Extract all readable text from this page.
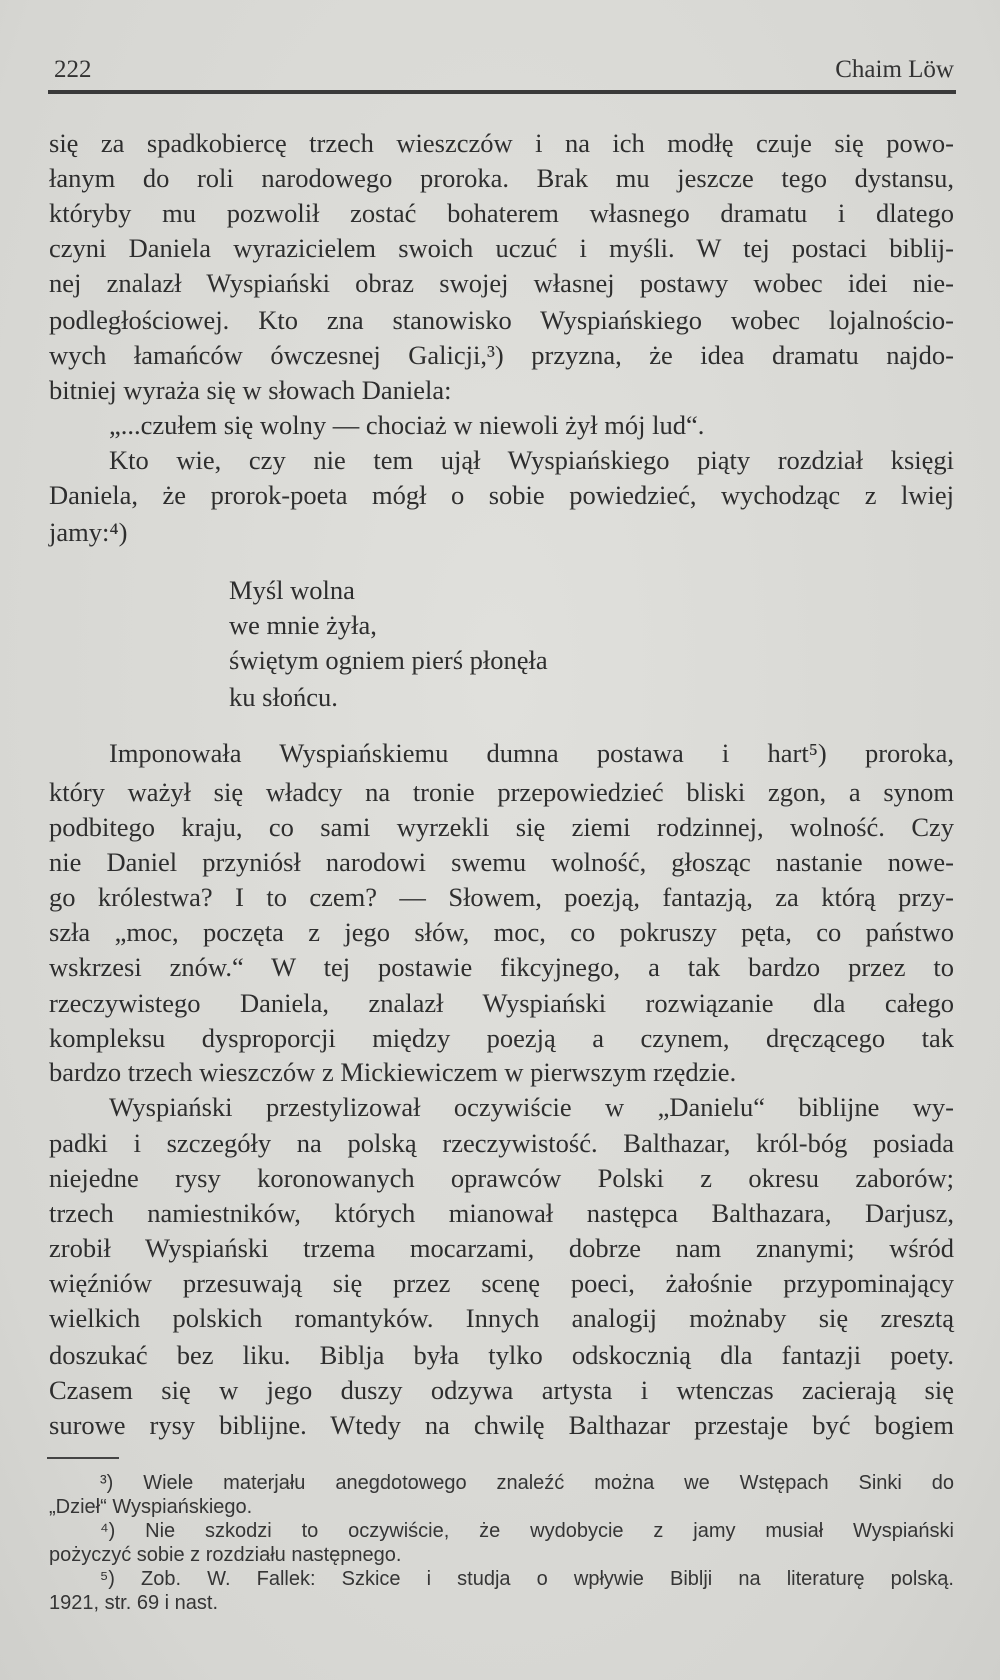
222	Chaim Löw
się za spadkobiercę trzech wieszczów i na ich modłę czuje się powo-
łanym do roli narodowego proroka. Brak mu jeszcze tego dystansu,
któryby mu pozwolił zostać bohaterem własnego dramatu i dlatego
czyni Daniela wyrazicielem swoich uczuć i myśli. W tej postaci biblij-
nej znalazł Wyspiański obraz swojej własnej postawy wobec idei nie-
podległościowej. Kto zna stanowisko Wyspiańskiego wobec lojalnościo-
wych łamańców ówczesnej Galicji,³) przyzna, że idea dramatu najdo-
bitniej wyraża się w słowach Daniela:
„...czułem się wolny — chociaż w niewoli żył mój lud“.
Kto wie, czy nie tem ujął Wyspiańskiego piąty rozdział księgi
Daniela, że prorok-poeta mógł o sobie powiedzieć, wychodząc z lwiej
jamy:⁴)
Myśl wolna
we mnie żyła,
świętym ogniem pierś płonęła
ku słońcu.
Imponowała Wyspiańskiemu dumna postawa i hart⁵) proroka,
który ważył się władcy na tronie przepowiedzieć bliski zgon, a synom
podbitego kraju, co sami wyrzekli się ziemi rodzinnej, wolność. Czy
nie Daniel przyniósł narodowi swemu wolność, głosząc nastanie nowe-
go królestwa? I to czem? — Słowem, poezją, fantazją, za którą przy-
szła „moc, poczęta z jego słów, moc, co pokruszy pęta, co państwo
wskrzesi znów.“ W tej postawie fikcyjnego, a tak bardzo przez to
rzeczywistego Daniela, znalazł Wyspiański rozwiązanie dla całego
kompleksu dysproporcji między poezją a czynem, dręczącego tak
bardzo trzech wieszczów z Mickiewiczem w pierwszym rzędzie.
Wyspiański przestylizował oczywiście w „Danielu“ biblijne wy-
padki i szczegóły na polską rzeczywistość. Balthazar, król-bóg posiada
niejedne rysy koronowanych oprawców Polski z okresu zaborów;
trzech namiestników, których mianował następca Balthazara, Darjusz,
zrobił Wyspiański trzema mocarzami, dobrze nam znanymi; wśród
więźniów przesuwają się przez scenę poeci, żałośnie przypominający
wielkich polskich romantyków. Innych analogij możnaby się zresztą
doszukać bez liku. Biblja była tylko odskocznią dla fantazji poety.
Czasem się w jego duszy odzywa artysta i wtenczas zacierają się
surowe rysy biblijne. Wtedy na chwilę Balthazar przestaje być bogiem
³) Wiele materjału anegdotowego znaleźć można we Wstępach Sinki do
„Dzieł“ Wyspiańskiego.
⁴) Nie szkodzi to oczywiście, że wydobycie z jamy musiał Wyspiański
pożyczyć sobie z rozdziału następnego.
⁵) Zob. W. Fallek: Szkice i studja o wpływie Biblji na literaturę polską.
1921, str. 69 i nast.
